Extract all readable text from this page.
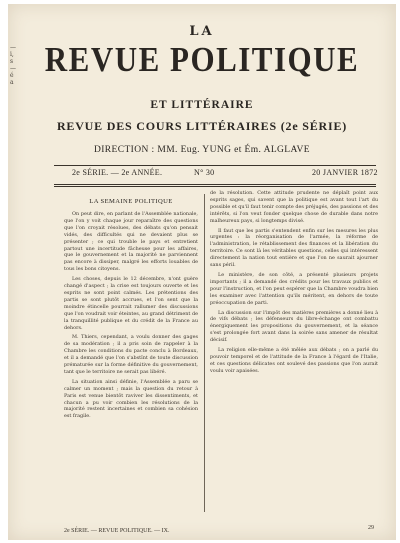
—
i,
s
—
é
a
LA
REVUE POLITIQUE
ET LITTÉRAIRE
REVUE DES COURS LITTÉRAIRES (2e SÉRIE)
DIRECTION : MM. Eug. YUNG et Ém. ALGLAVE
2e SÉRIE. — 2e ANNÉE.	N° 30	20 JANVIER 1872
LA SEMAINE POLITIQUE

On peut dire, en parlant de l'Assemblée nationale, que l'on y voit chaque jour reparaître des questions que l'on croyait résolues, des débats qu'on pensait vidés, des difficultés qui ne devaient plus se présenter ; ce qui trouble le pays et entretient partout une incertitude fâcheuse pour les affaires, que le gouvernement et la majorité ne parviennent pas encore à dissiper, malgré les efforts louables de tous les bons citoyens.

Les choses, depuis le 12 décembre, n'ont guère changé d'aspect ; la crise est toujours ouverte et les esprits ne sont point calmés. Les prétentions des partis se sont plutôt accrues, et l'on sent que la moindre étincelle pourrait rallumer des discussions que l'on voudrait voir éteintes, au grand détriment de la tranquillité publique et du crédit de la France au dehors.

M. Thiers, cependant, a voulu donner des gages de sa modération ; il a pris soin de rappeler à la Chambre les conditions du pacte conclu à Bordeaux, et il a demandé que l'on s'abstînt de toute discussion prématurée sur la forme définitive du gouvernement, tant que le territoire ne serait pas libéré.

La situation ainsi définie, l'Assemblée a paru se calmer un moment ; mais la question du retour à Paris est venue bientôt raviver les dissentiments, et chacun a pu voir combien les résolutions de la majorité restent incertaines et combien sa cohésion est fragile.

de la résolution. Cette attitude prudente ne déplaît point aux esprits sages, qui savent que la politique est avant tout l'art du possible et qu'il faut tenir compte des préjugés, des passions et des intérêts, si l'on veut fonder quelque chose de durable dans notre malheureux pays, si longtemps divisé.

Il faut que les partis s'entendent enfin sur les mesures les plus urgentes : la réorganisation de l'armée, la réforme de l'administration, le rétablissement des finances et la libération du territoire. Ce sont là les véritables questions, celles qui intéressent directement la nation tout entière et que l'on ne saurait ajourner sans péril.

Le ministère, de son côté, a présenté plusieurs projets importants ; il a demandé des crédits pour les travaux publics et pour l'instruction, et l'on peut espérer que la Chambre voudra bien les examiner avec l'attention qu'ils méritent, en dehors de toute préoccupation de parti.

La discussion sur l'impôt des matières premières a donné lieu à de vifs débats ; les défenseurs du libre-échange ont combattu énergiquement les propositions du gouvernement, et la séance s'est prolongée fort avant dans la soirée sans amener de résultat décisif.

La religion elle-même a été mêlée aux débats ; on a parlé du pouvoir temporel et de l'attitude de la France à l'égard de l'Italie, et ces questions délicates ont soulevé des passions que l'on aurait voulu voir apaisées.

2e SÉRIE. — REVUE POLITIQUE. — IX.	29
